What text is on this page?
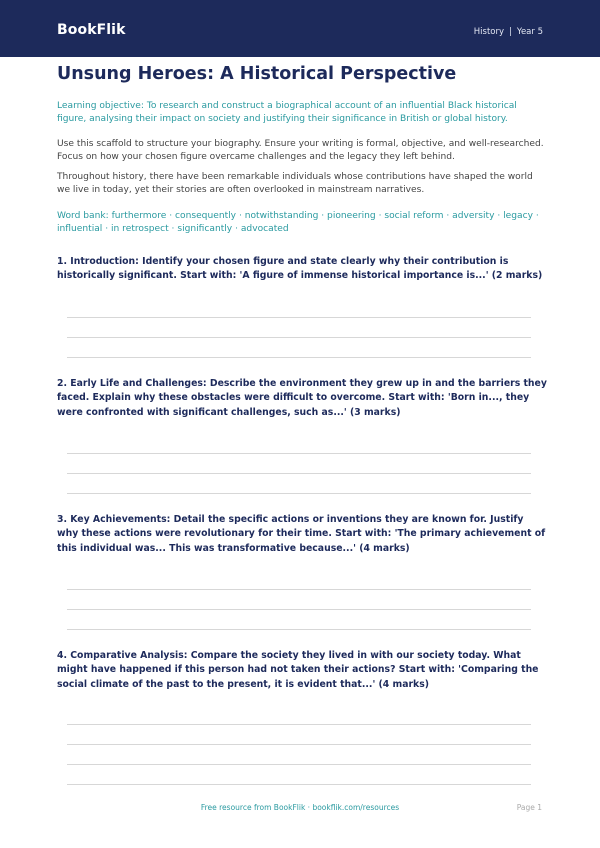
BookFlik	History | Year 5
Unsung Heroes: A Historical Perspective

Learning objective: To research and construct a biographical account of an influential Black historical figure, analysing their impact on society and justifying their significance in British or global history.

Use this scaffold to structure your biography. Ensure your writing is formal, objective, and well-researched. Focus on how your chosen figure overcame challenges and the legacy they left behind.

Throughout history, there have been remarkable individuals whose contributions have shaped the world we live in today, yet their stories are often overlooked in mainstream narratives.

Word bank: furthermore · consequently · notwithstanding · pioneering · social reform · adversity · legacy · influential · in retrospect · significantly · advocated

1. Introduction: Identify your chosen figure and state clearly why their contribution is historically significant. Start with: 'A figure of immense historical importance is...' (2 marks)

2. Early Life and Challenges: Describe the environment they grew up in and the barriers they faced. Explain why these obstacles were difficult to overcome. Start with: 'Born in..., they were confronted with significant challenges, such as...' (3 marks)

3. Key Achievements: Detail the specific actions or inventions they are known for. Justify why these actions were revolutionary for their time. Start with: 'The primary achievement of this individual was... This was transformative because...' (4 marks)

4. Comparative Analysis: Compare the society they lived in with our society today. What might have happened if this person had not taken their actions? Start with: 'Comparing the social climate of the past to the present, it is evident that...' (4 marks)

Free resource from BookFlik · bookflik.com/resources	Page 1
